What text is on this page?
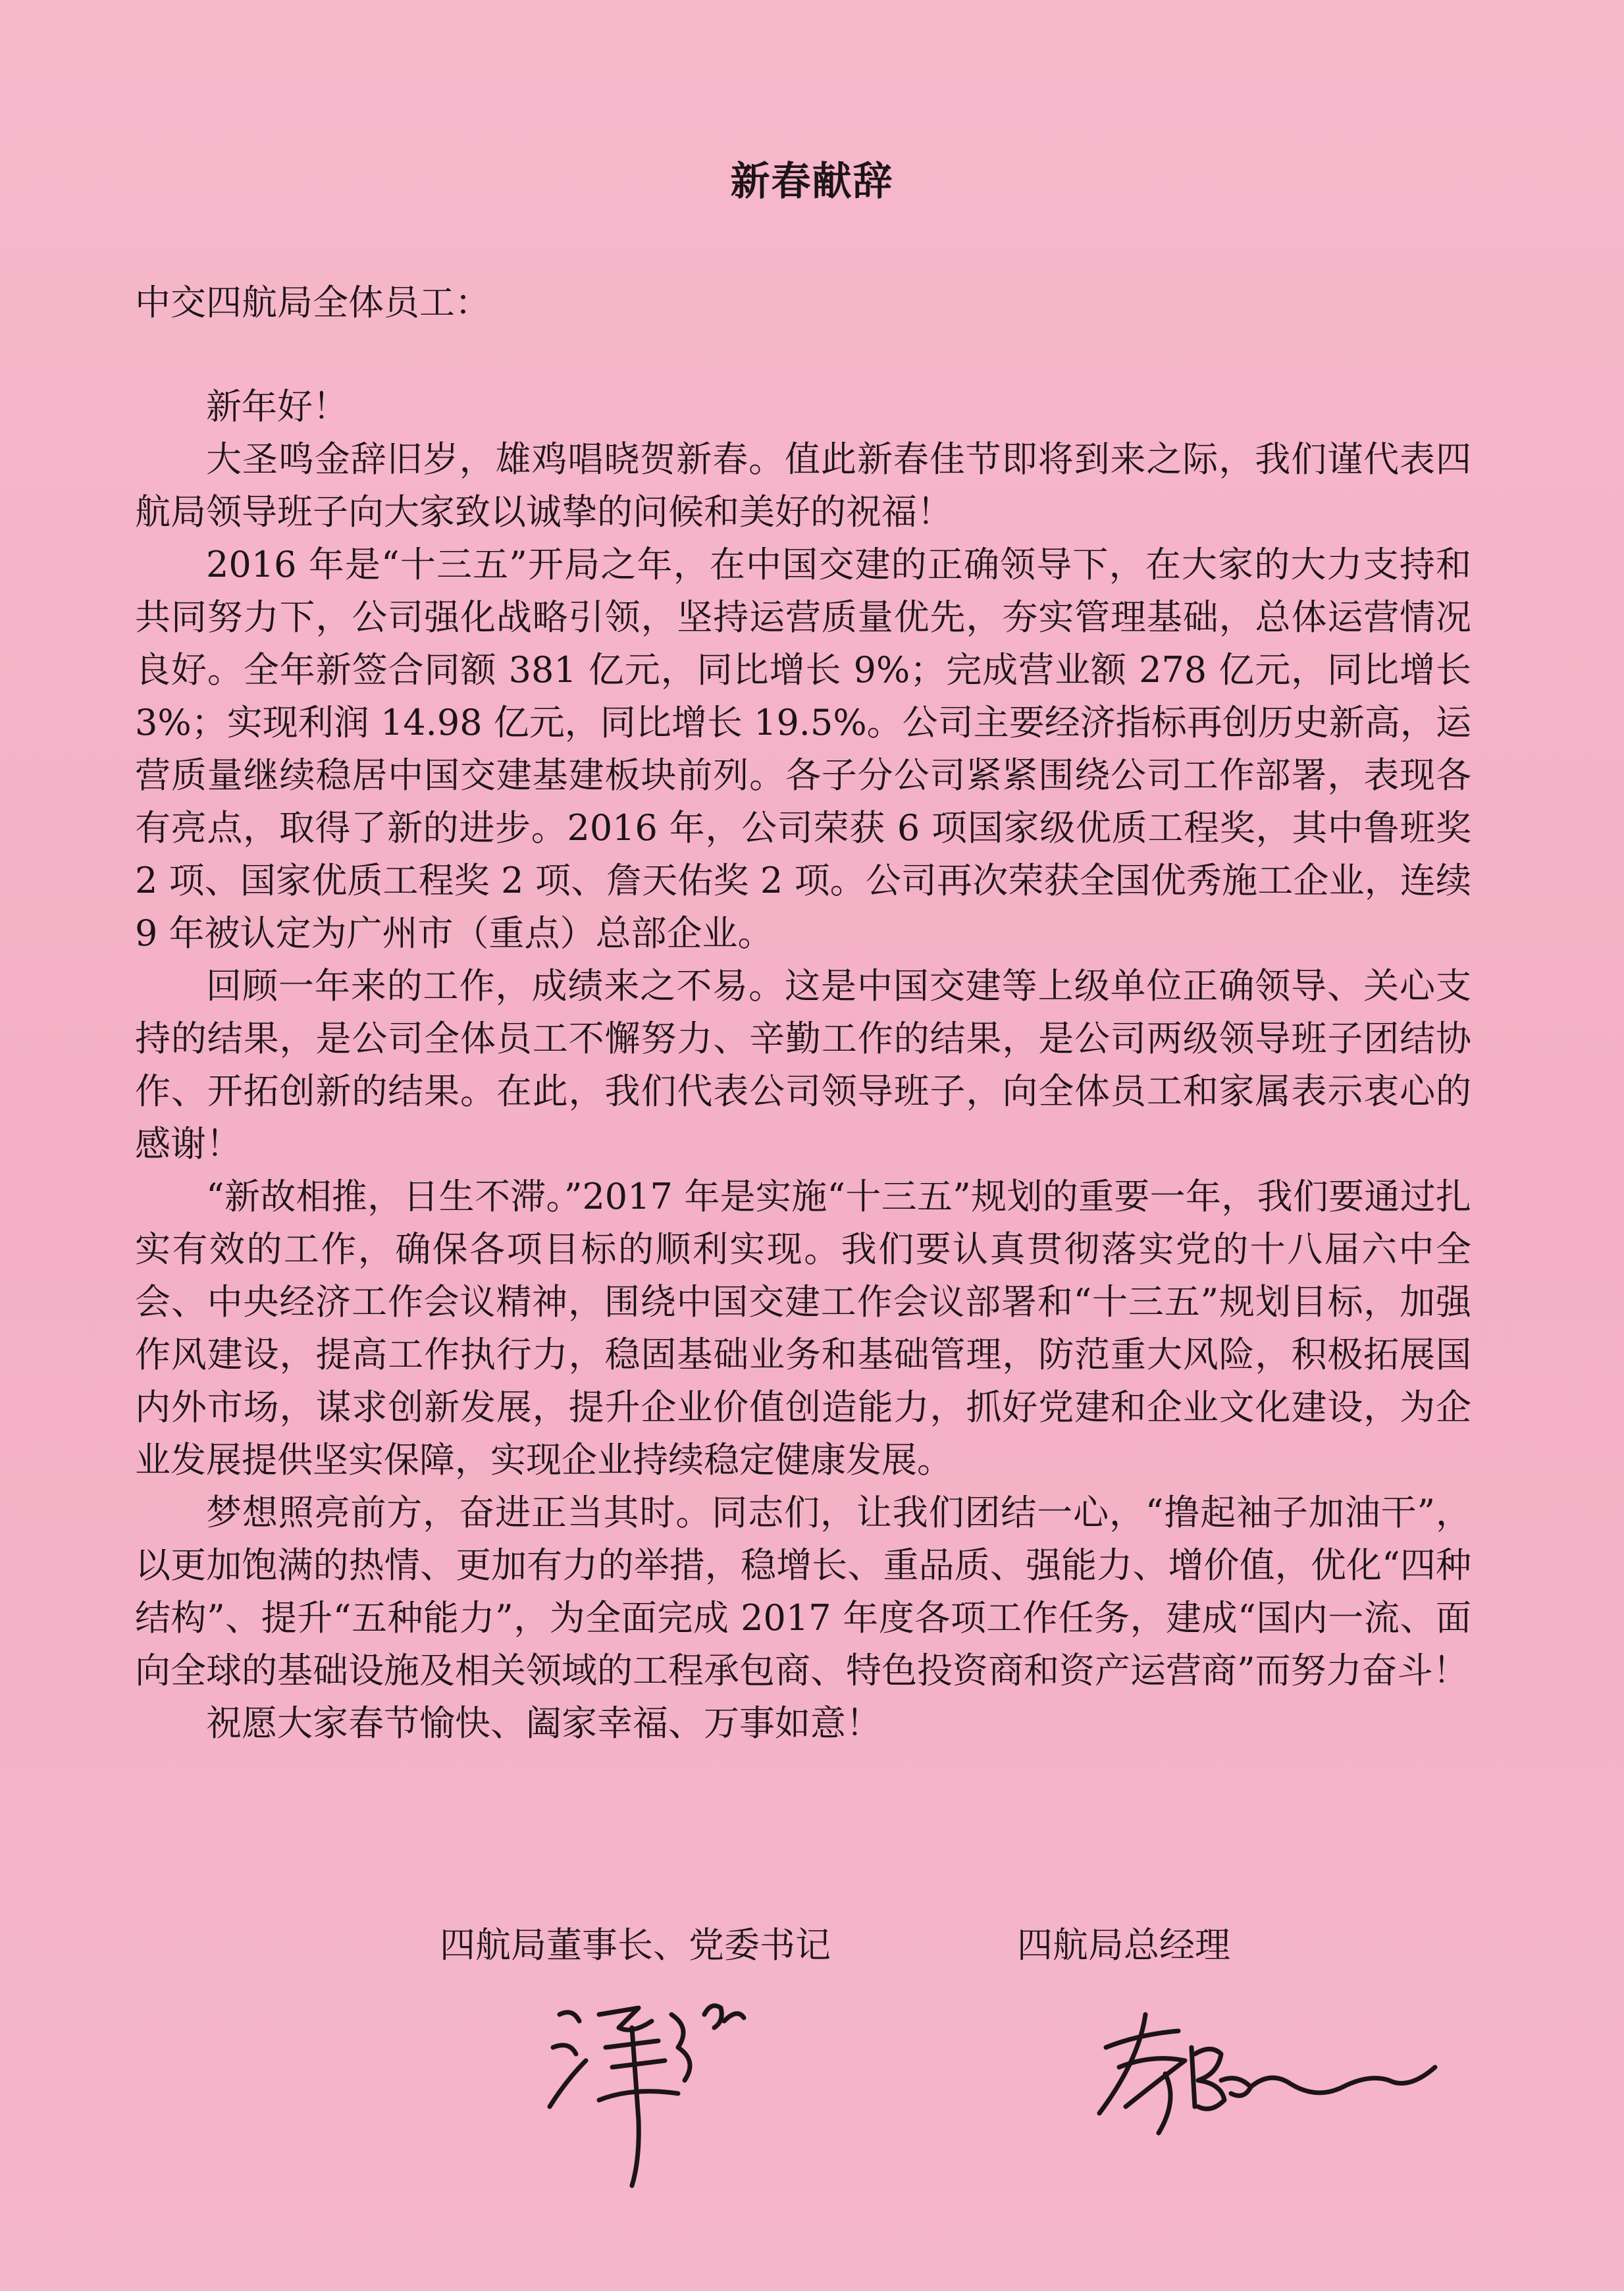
新春献辞
中交四航局全体员工：

新年好！

大圣鸣金辞旧岁，雄鸡唱晓贺新春。值此新春佳节即将到来之际，我们谨代表四航局领导班子向大家致以诚挚的问候和美好的祝福！

2016 年是“十三五”开局之年，在中国交建的正确领导下，在大家的大力支持和共同努力下，公司强化战略引领，坚持运营质量优先，夯实管理基础，总体运营情况良好。全年新签合同额 381 亿元，同比增长 9%；完成营业额 278 亿元，同比增长 3%；实现利润 14.98 亿元，同比增长 19.5%。公司主要经济指标再创历史新高，运营质量继续稳居中国交建基建板块前列。各子分公司紧紧围绕公司工作部署，表现各有亮点，取得了新的进步。2016 年，公司荣获 6 项国家级优质工程奖，其中鲁班奖 2 项、国家优质工程奖 2 项、詹天佑奖 2 项。公司再次荣获全国优秀施工企业，连续 9 年被认定为广州市（重点）总部企业。

回顾一年来的工作，成绩来之不易。这是中国交建等上级单位正确领导、关心支持的结果，是公司全体员工不懈努力、辛勤工作的结果，是公司两级领导班子团结协作、开拓创新的结果。在此，我们代表公司领导班子，向全体员工和家属表示衷心的感谢！

“新故相推，日生不滞。”2017 年是实施“十三五”规划的重要一年，我们要通过扎实有效的工作，确保各项目标的顺利实现。我们要认真贯彻落实党的十八届六中全会、中央经济工作会议精神，围绕中国交建工作会议部署和“十三五”规划目标，加强作风建设，提高工作执行力，稳固基础业务和基础管理，防范重大风险，积极拓展国内外市场，谋求创新发展，提升企业价值创造能力，抓好党建和企业文化建设，为企业发展提供坚实保障，实现企业持续稳定健康发展。

梦想照亮前方，奋进正当其时。同志们，让我们团结一心，“撸起袖子加油干”，以更加饱满的热情、更加有力的举措，稳增长、重品质、强能力、增价值，优化“四种结构”、提升“五种能力”，为全面完成 2017 年度各项工作任务，建成“国内一流、面向全球的基础设施及相关领域的工程承包商、特色投资商和资产运营商”而努力奋斗！

祝愿大家春节愉快、阖家幸福、万事如意！

四航局董事长、党委书记	四航局总经理
